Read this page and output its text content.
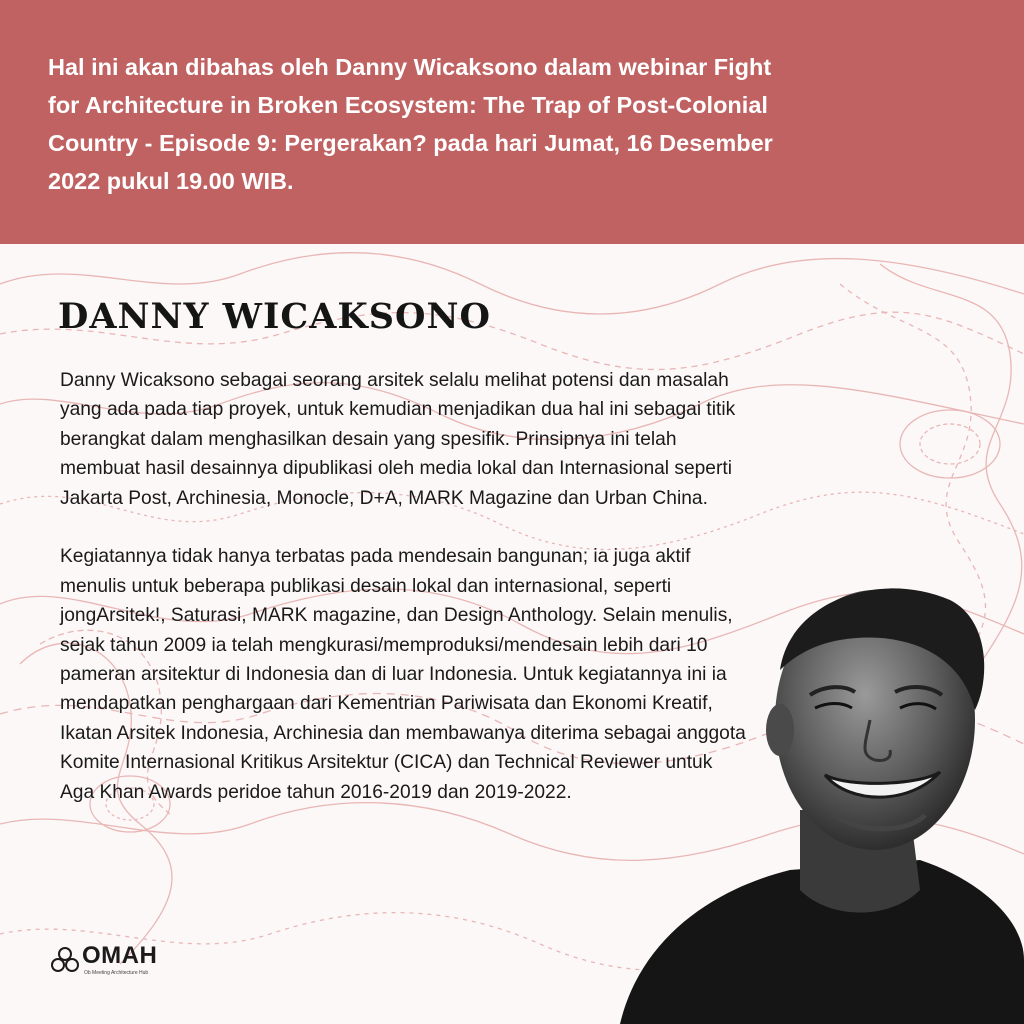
Hal ini akan dibahas oleh Danny Wicaksono dalam webinar Fight for Architecture in Broken Ecosystem: The Trap of Post-Colonial Country - Episode 9: Pergerakan? pada hari Jumat, 16 Desember 2022 pukul 19.00 WIB.

DANNY WICAKSONO

Danny Wicaksono sebagai seorang arsitek selalu melihat potensi dan masalah yang ada pada tiap proyek, untuk kemudian menjadikan dua hal ini sebagai titik berangkat dalam menghasilkan desain yang spesifik. Prinsipnya ini telah membuat hasil desainnya dipublikasi oleh media lokal dan Internasional seperti Jakarta Post, Archinesia, Monocle, D+A, MARK Magazine dan Urban China.

Kegiatannya tidak hanya terbatas pada mendesain bangunan; ia juga aktif menulis untuk beberapa publikasi desain lokal dan internasional, seperti jongArsitek!, Saturasi, MARK magazine, dan Design Anthology. Selain menulis, sejak tahun 2009 ia telah mengkurasi/memproduksi/mendesain lebih dari 10 pameran arsitektur di Indonesia dan di luar Indonesia. Untuk kegiatannya ini ia mendapatkan penghargaan dari Kementrian Pariwisata dan Ekonomi Kreatif, Ikatan Arsitek Indonesia, Archinesia dan membawanya diterima sebagai anggota Komite Internasional Kritikus Arsitektur (CICA) dan Technical Reviewer untuk Aga Khan Awards peridoe tahun 2016-2019 dan 2019-2022.

OMAH
Ob Meeting Architecture Hub
